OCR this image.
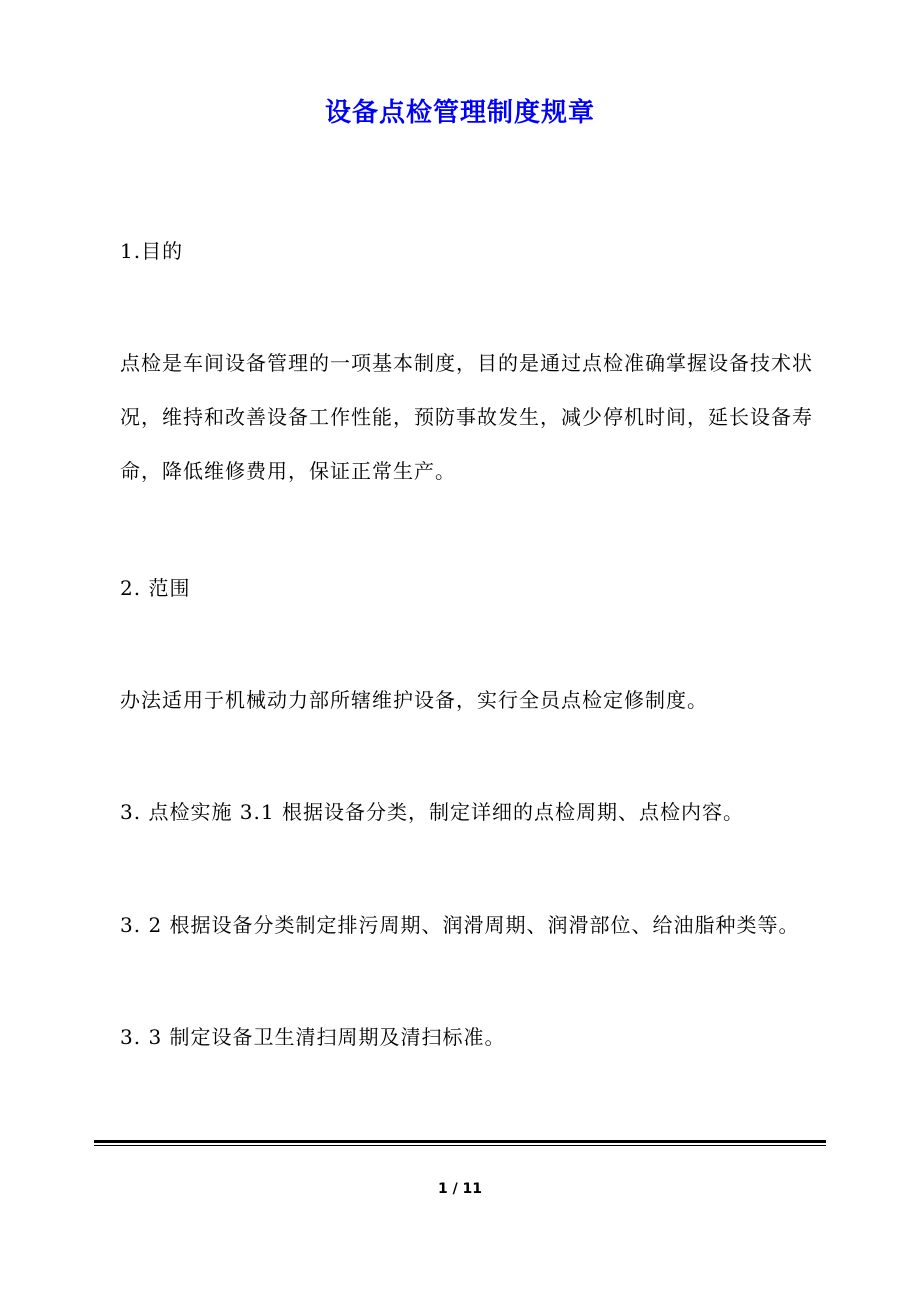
设备点检管理制度规章
1.目的
点检是车间设备管理的一项基本制度，目的是通过点检准确掌握设备技术状况，维持和改善设备工作性能，预防事故发生，减少停机时间，延长设备寿命，降低维修费用，保证正常生产。
2. 范围
办法适用于机械动力部所辖维护设备，实行全员点检定修制度。
3. 点检实施 3.1 根据设备分类，制定详细的点检周期、点检内容。
3. 2 根据设备分类制定排污周期、润滑周期、润滑部位、给油脂种类等。
3. 3 制定设备卫生清扫周期及清扫标准。
1 / 11
